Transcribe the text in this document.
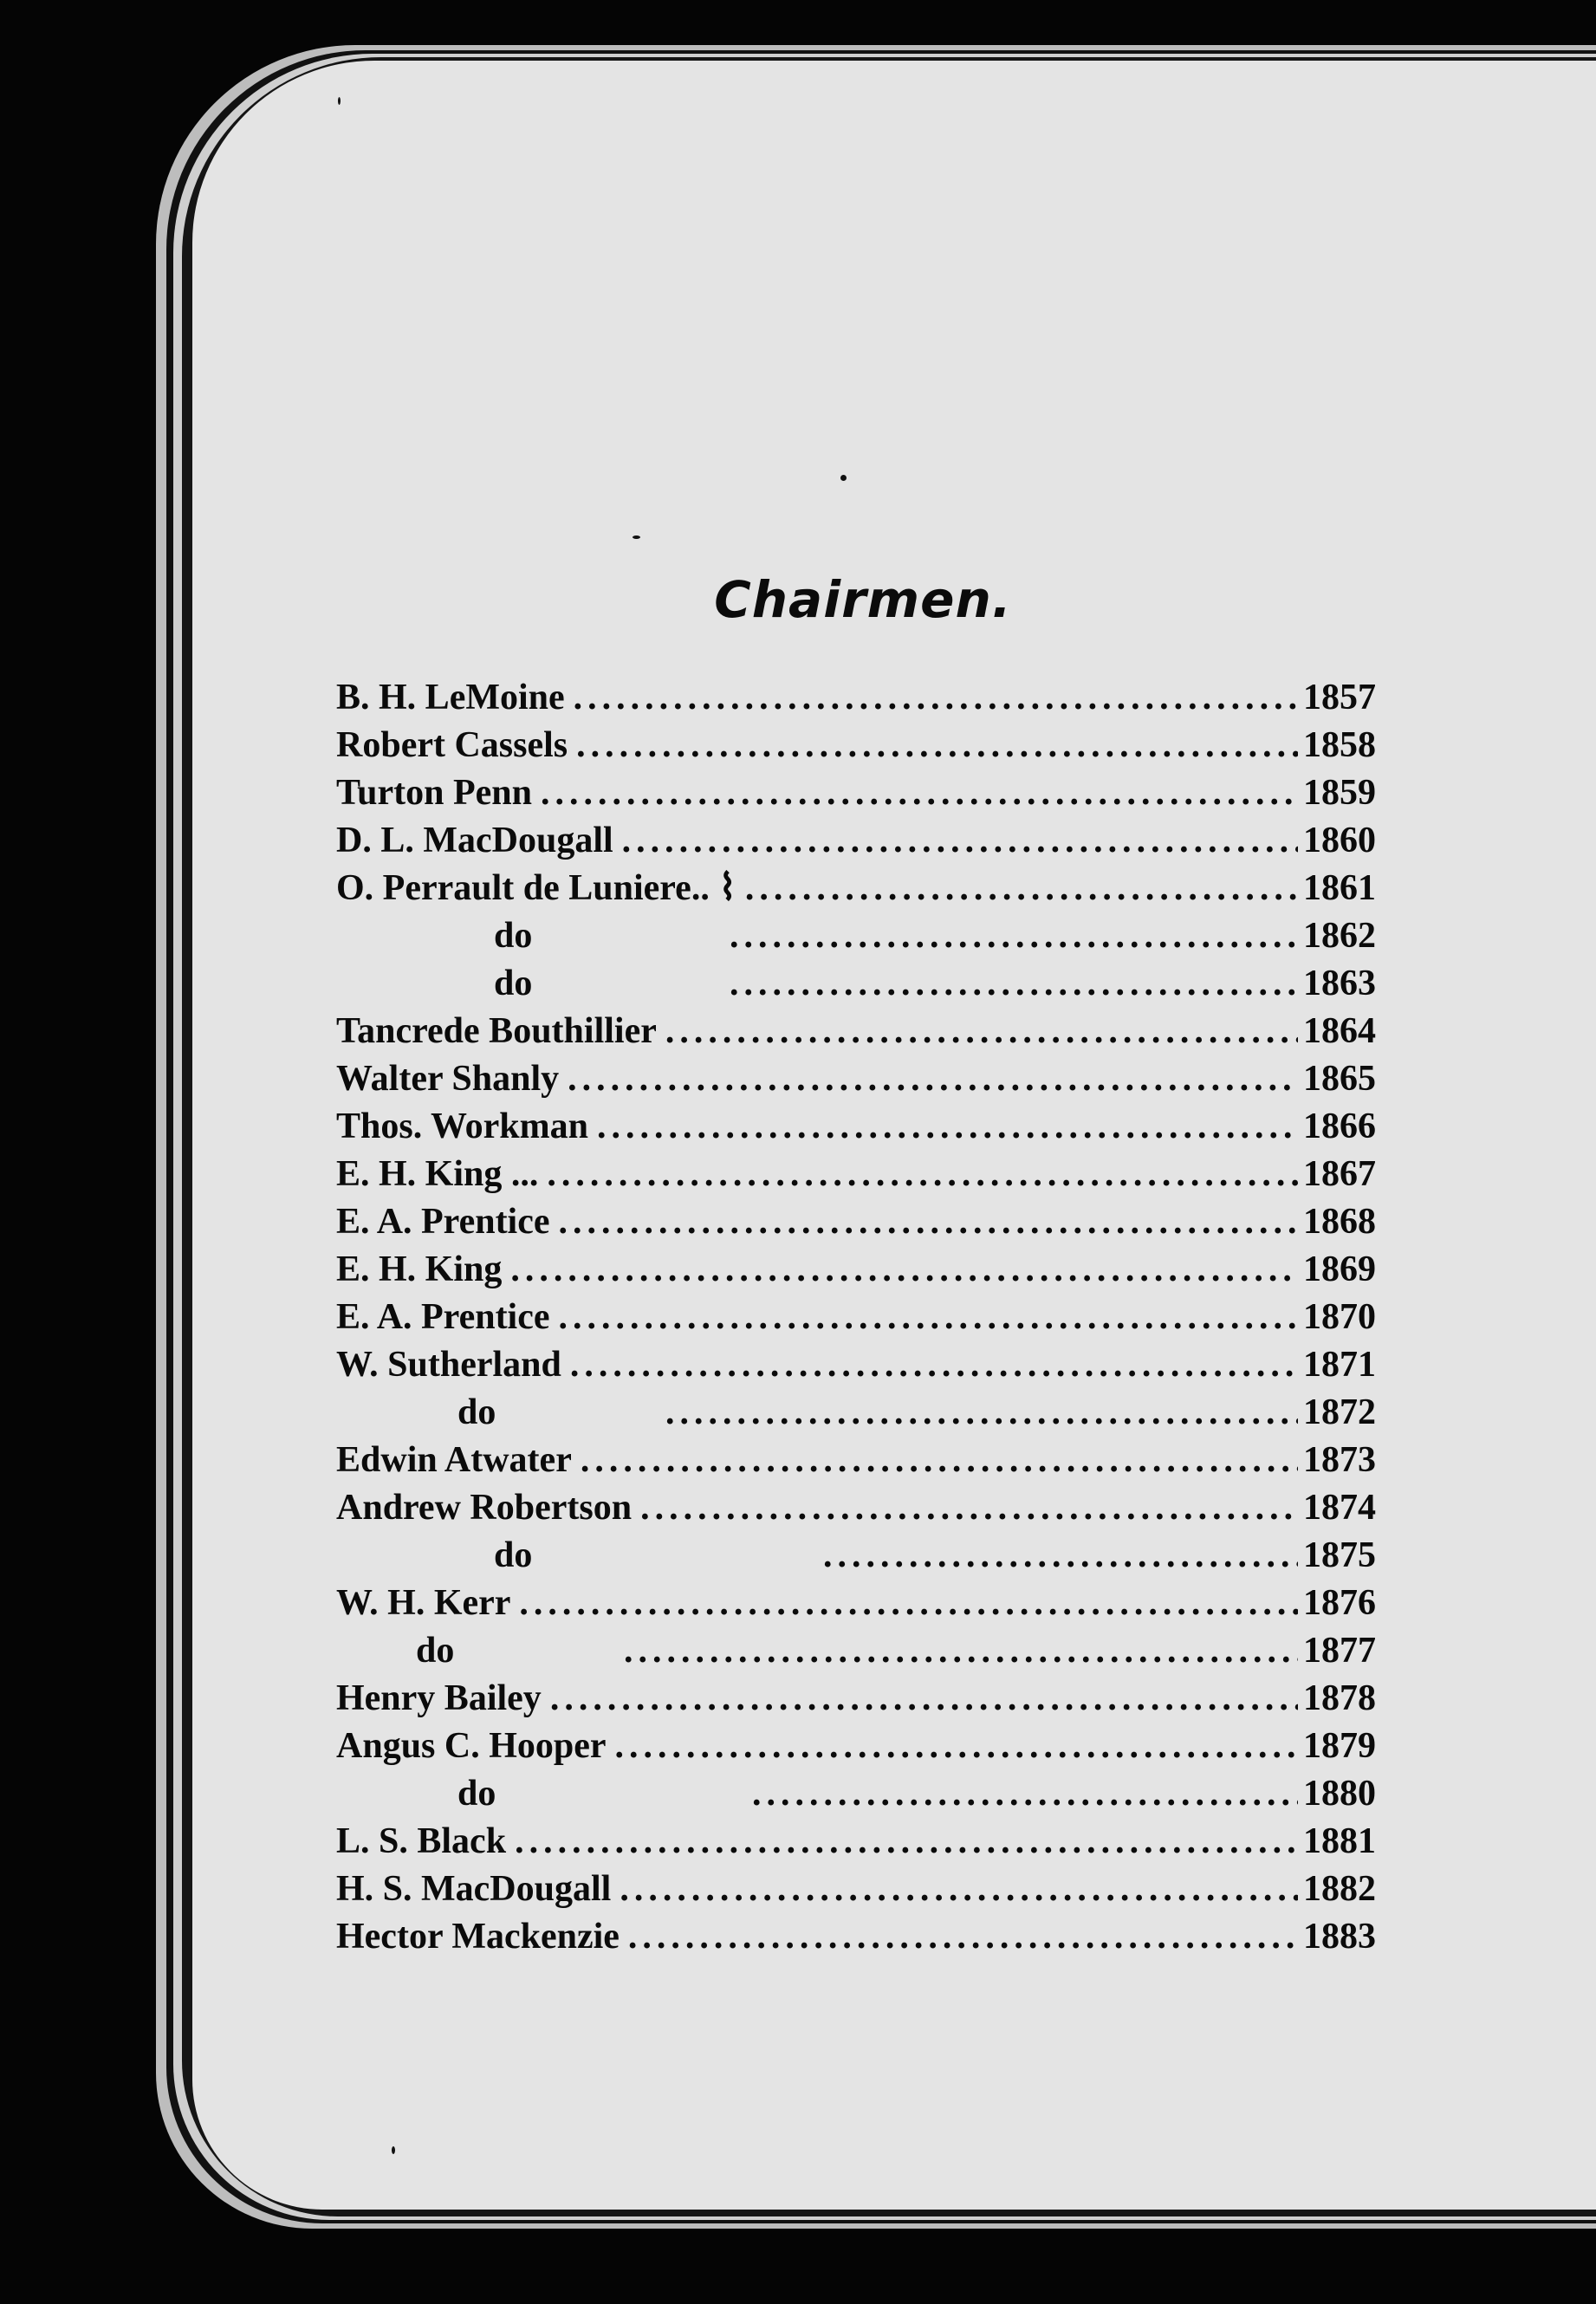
Chairmen.
B. H. LeMoine .....	1857
Robert Cassels .....	1858
Turton Penn .....	1859
D. L. MacDougall .....	1860
O. Perrault de Luniere.. ⌇ .....	1861
do .....	1862
do .....	1863
Tancrede Bouthillier .....	1864
Walter Shanly .....	1865
Thos. Workman .....	1866
E. H. King ... .....	1867
E. A. Prentice .....	1868
E. H. King .....	1869
E. A. Prentice .....	1870
W. Sutherland .....	1871
do .....	1872
Edwin Atwater .....	1873
Andrew Robertson .....	1874
do .....	1875
W. H. Kerr .....	1876
do .....	1877
Henry Bailey .....	1878
Angus C. Hooper .....	1879
do .....	1880
L. S. Black .....	1881
H. S. MacDougall .....	1882
Hector Mackenzie .....	1883
